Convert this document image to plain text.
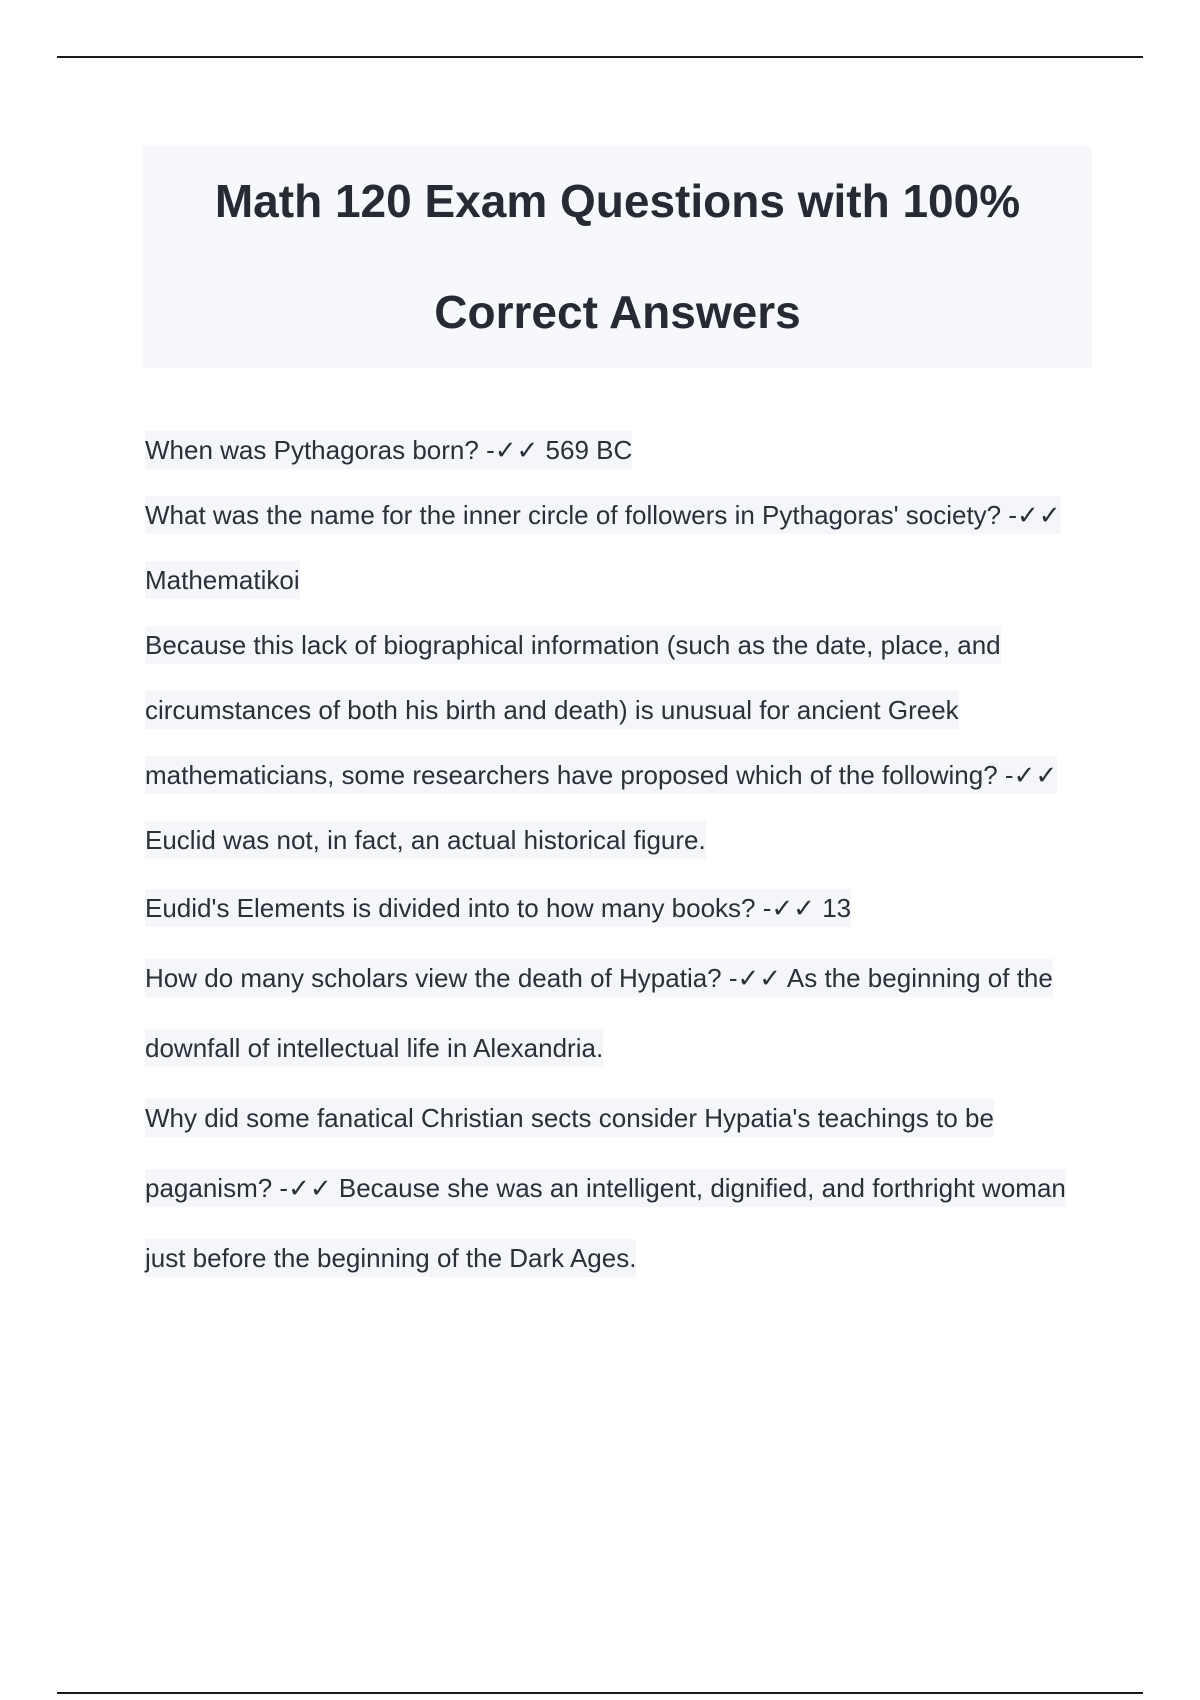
Math 120 Exam Questions with 100%
Correct Answers

When was Pythagoras born? -✓✓ 569 BC

What was the name for the inner circle of followers in Pythagoras' society? -✓✓ Mathematikoi

Because this lack of biographical information (such as the date, place, and circumstances of both his birth and death) is unusual for ancient Greek mathematicians, some researchers have proposed which of the following? -✓✓ Euclid was not, in fact, an actual historical figure.

Eudid's Elements is divided into to how many books? -✓✓ 13

How do many scholars view the death of Hypatia? -✓✓ As the beginning of the downfall of intellectual life in Alexandria.

Why did some fanatical Christian sects consider Hypatia's teachings to be paganism? -✓✓ Because she was an intelligent, dignified, and forthright woman just before the beginning of the Dark Ages.
